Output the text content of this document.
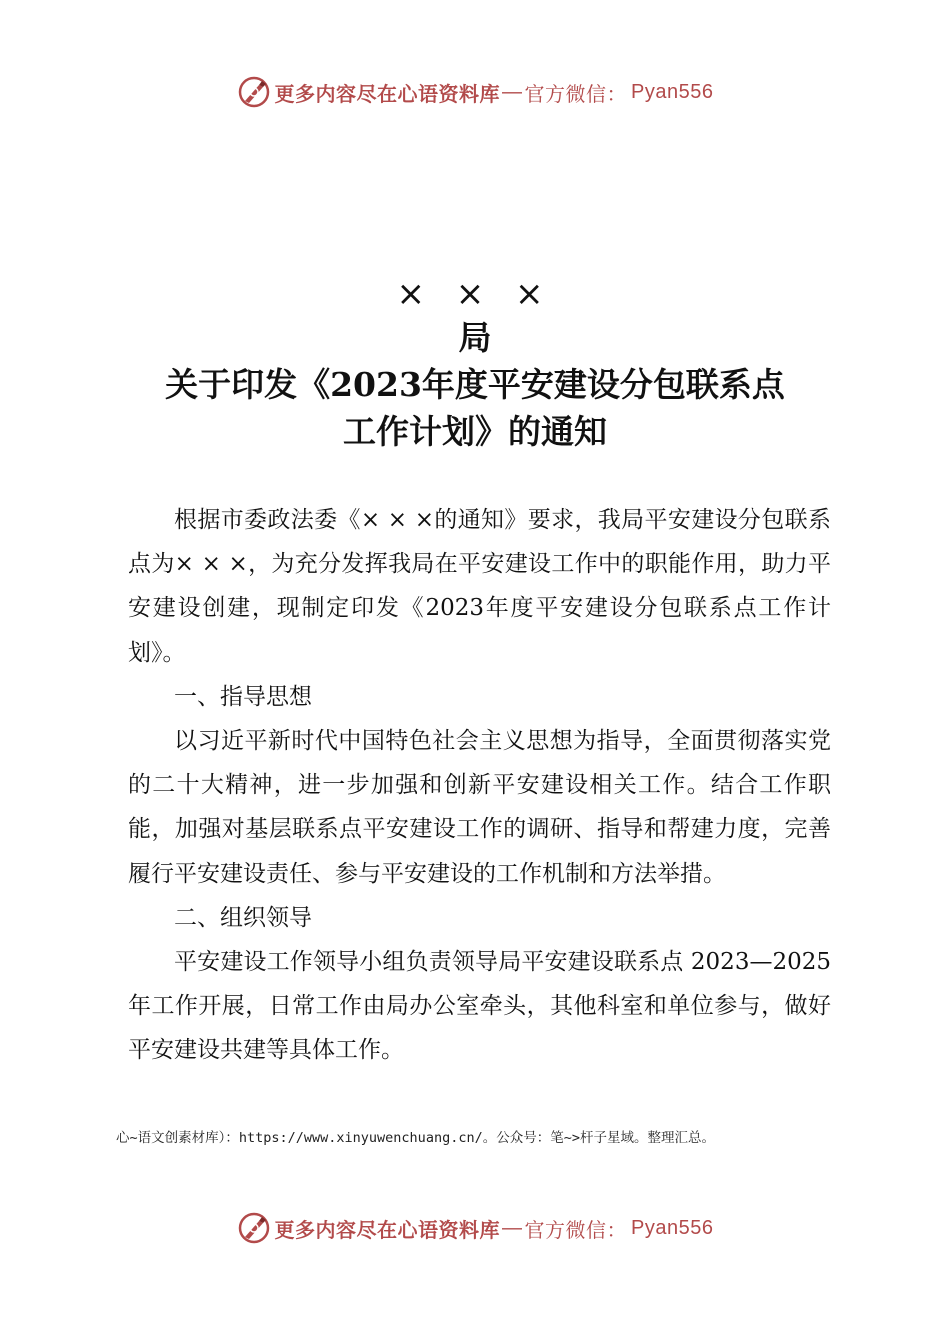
更多内容尽在心语资料库 — 官方微信： Pyan556
× × ×
局
关于印发《2023年度平安建设分包联系点
工作计划》的通知

根据市委政法委《× × ×的通知》要求，我局平安建设分包联系点为× × ×，为充分发挥我局在平安建设工作中的职能作用，助力平安建设创建，现制定印发《2023年度平安建设分包联系点工作计划》。

一、指导思想

以习近平新时代中国特色社会主义思想为指导，全面贯彻落实党的二十大精神，进一步加强和创新平安建设相关工作。结合工作职能，加强对基层联系点平安建设工作的调研、指导和帮建力度，完善履行平安建设责任、参与平安建设的工作机制和方法举措。

二、组织领导

平安建设工作领导小组负责领导局平安建设联系点 2023—2025年工作开展，日常工作由局办公室牵头，其他科室和单位参与，做好平安建设共建等具体工作。

心~语文创素材库）：https://www.xinyuwenchuang.cn/。公众号：笔~>杆子星域。整理汇总。
更多内容尽在心语资料库 — 官方微信： Pyan556
